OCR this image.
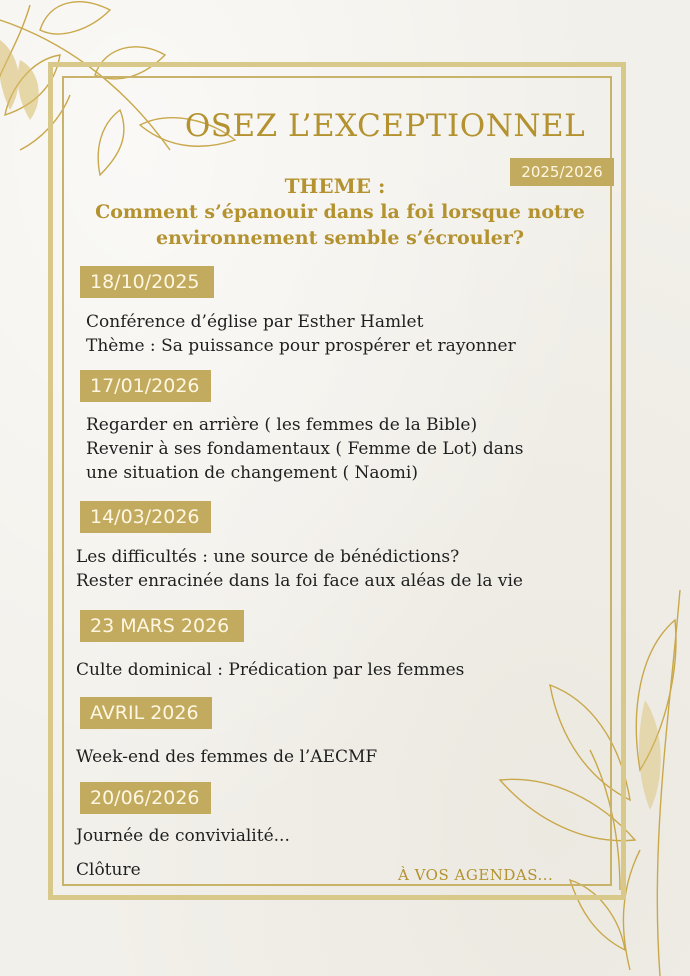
OSEZ L’EXCEPTIONNEL
2025/2026
THEME :
Comment s’épanouir dans la foi lorsque notre
environnement semble s’écrouler?
18/10/2025
Conférence d’église par Esther Hamlet
Thème : Sa puissance pour prospérer et rayonner
17/01/2026
Regarder en arrière ( les femmes de la Bible)
Revenir à ses fondamentaux ( Femme de Lot) dans
une situation de changement ( Naomi)
14/03/2026
Les difficultés : une source de bénédictions?
Rester enracinée dans la foi face aux aléas de la vie
23 MARS 2026
Culte dominical : Prédication par les femmes
AVRIL 2026
Week-end des femmes de l’AECMF
20/06/2026
Journée de convivialité...
Clôture	À VOS AGENDAS...
